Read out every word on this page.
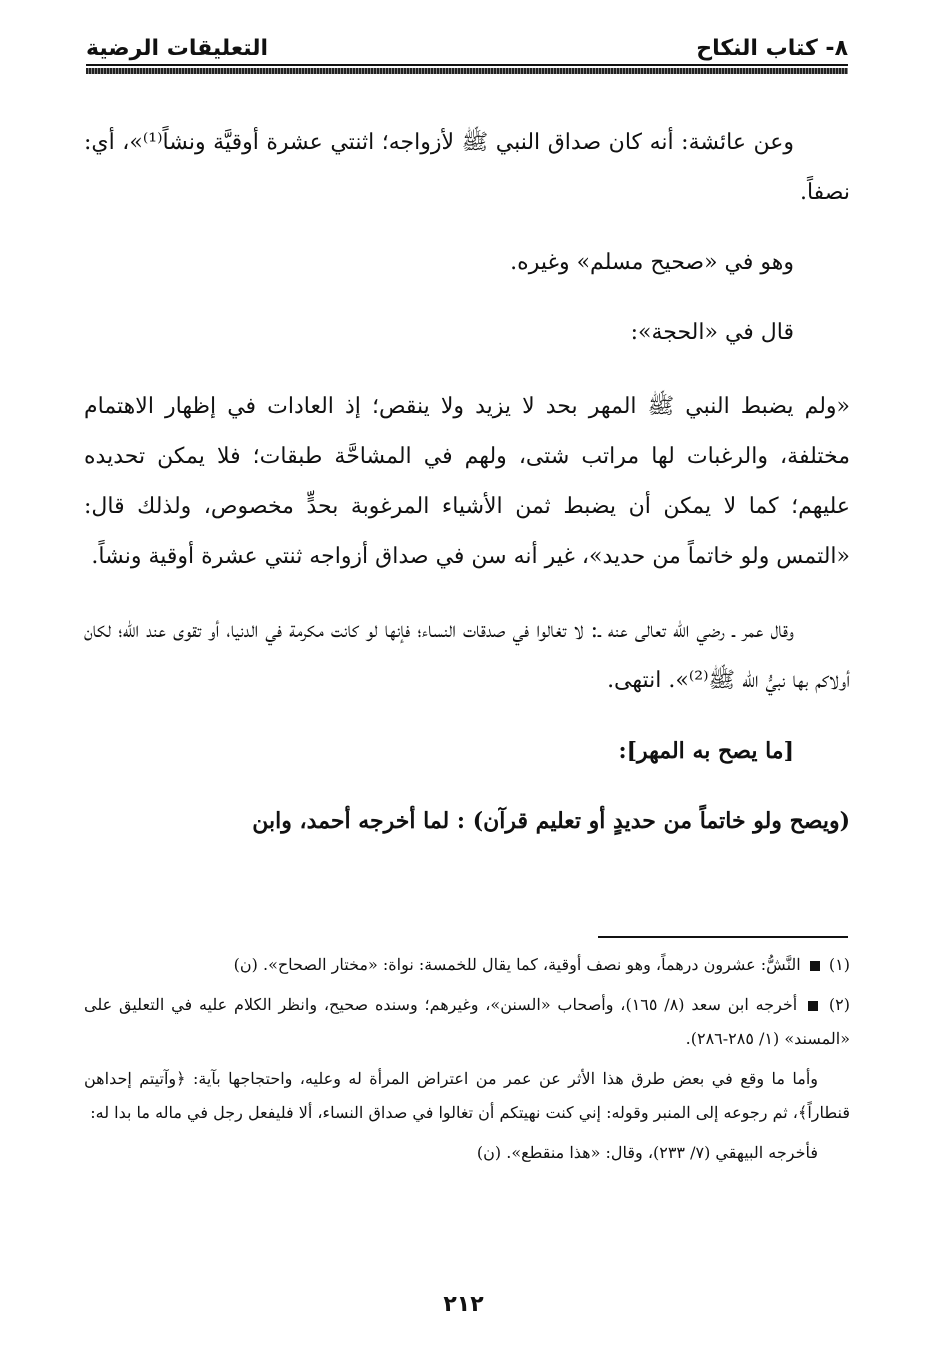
٨- كتاب النكاح
التعليقات الرضية

وعن عائشة: أنه كان صداق النبي ﷺ لأزواجه؛ اثنتي عشرة أوقيَّة ونشاً⁽¹⁾»، أي: نصفاً.

وهو في «صحيح مسلم» وغيره.

قال في «الحجة»:

«ولم يضبط النبي ﷺ المهر بحد لا يزيد ولا ينقص؛ إذ العادات في إظهار الاهتمام مختلفة، والرغبات لها مراتب شتى، ولهم في المشاحَّة طبقات؛ فلا يمكن تحديده عليهم؛ كما لا يمكن أن يضبط ثمن الأشياء المرغوبة بحدٍّ مخصوص، ولذلك قال: «التمس ولو خاتماً من حديد»، غير أنه سن في صداق أزواجه ثنتي عشرة أوقية ونشاً.

وقال عمر ـ رضي الله تعالى عنه ـ: لا تغالوا في صدقات النساء؛ فإنها لو كانت مكرمة في الدنيا، أو تقوى عند الله؛ لكان أولاكم بها نبيُّ الله ﷺ⁽²⁾». انتهى.

[ما يصح به المهر]:

(ويصح ولو خاتماً من حديدٍ أو تعليم قرآن) : لما أخرجه أحمد، وابن

(١)  النَّشُّ: عشرون درهماً، وهو نصف أوقية، كما يقال للخمسة: نواة: «مختار الصحاح». (ن)

(٢)  أخرجه ابن سعد (٨/ ١٦٥)، وأصحاب «السنن»، وغيرهم؛ وسنده صحيح، وانظر الكلام عليه في التعليق على «المسند» (١/ ٢٨٥-٢٨٦).

وأما ما وقع في بعض طرق هذا الأثر عن عمر من اعتراض المرأة له وعليه، واحتجاجها بآية: ﴿وآتيتم إحداهن قنطاراً﴾، ثم رجوعه إلى المنبر وقوله: إني كنت نهيتكم أن تغالوا في صداق النساء، ألا فليفعل رجل في ماله ما بدا له:

فأخرجه البيهقي (٧/ ٢٣٣)، وقال: «هذا منقطع». (ن)

٢١٢
